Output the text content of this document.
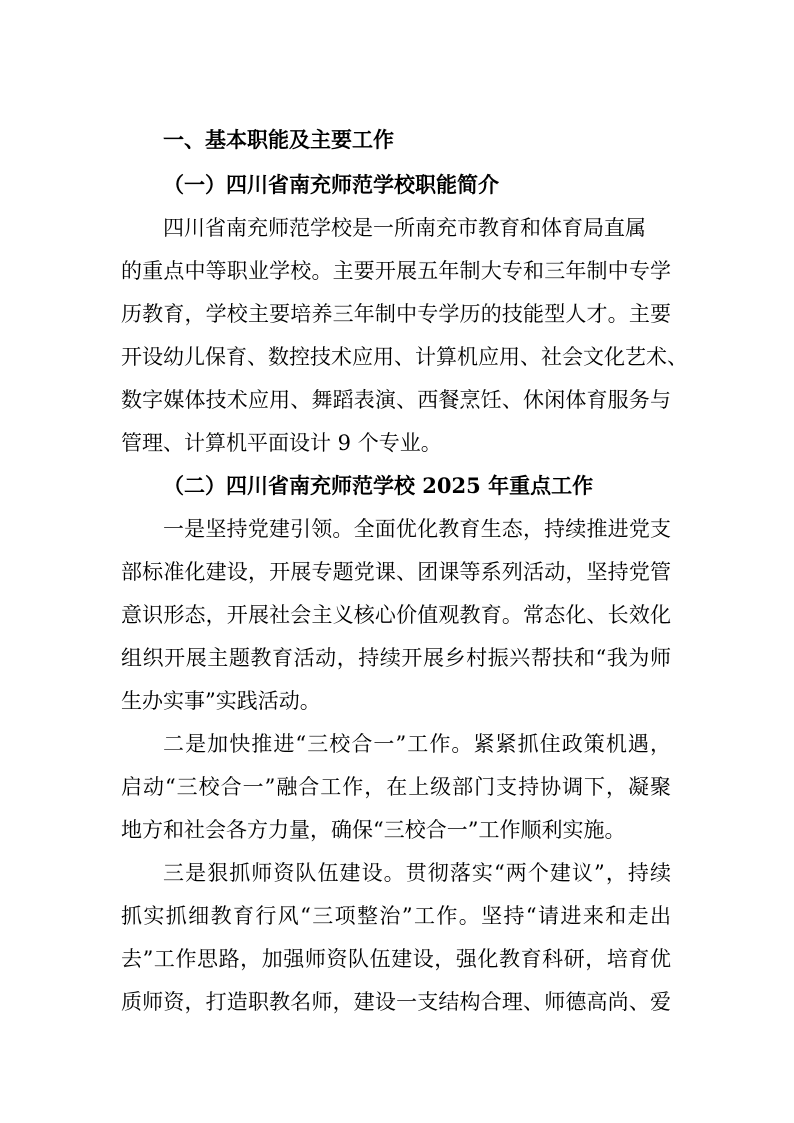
一、基本职能及主要工作
（一）四川省南充师范学校职能简介
四川省南充师范学校是一所南充市教育和体育局直属
的重点中等职业学校。主要开展五年制大专和三年制中专学
历教育，学校主要培养三年制中专学历的技能型人才。主要
开设幼儿保育、数控技术应用、计算机应用、社会文化艺术、
数字媒体技术应用、舞蹈表演、西餐烹饪、休闲体育服务与
管理、计算机平面设计 9 个专业。
（二）四川省南充师范学校 2025 年重点工作
一是坚持党建引领。全面优化教育生态，持续推进党支
部标准化建设，开展专题党课、团课等系列活动，坚持党管
意识形态，开展社会主义核心价值观教育。常态化、长效化
组织开展主题教育活动，持续开展乡村振兴帮扶和“我为师
生办实事”实践活动。
二是加快推进“三校合一”工作。紧紧抓住政策机遇，
启动“三校合一”融合工作，在上级部门支持协调下，凝聚
地方和社会各方力量，确保“三校合一”工作顺利实施。
三是狠抓师资队伍建设。贯彻落实“两个建议”，持续
抓实抓细教育行风“三项整治”工作。坚持“请进来和走出
去”工作思路，加强师资队伍建设，强化教育科研，培育优
质师资，打造职教名师，建设一支结构合理、师德高尚、爱
